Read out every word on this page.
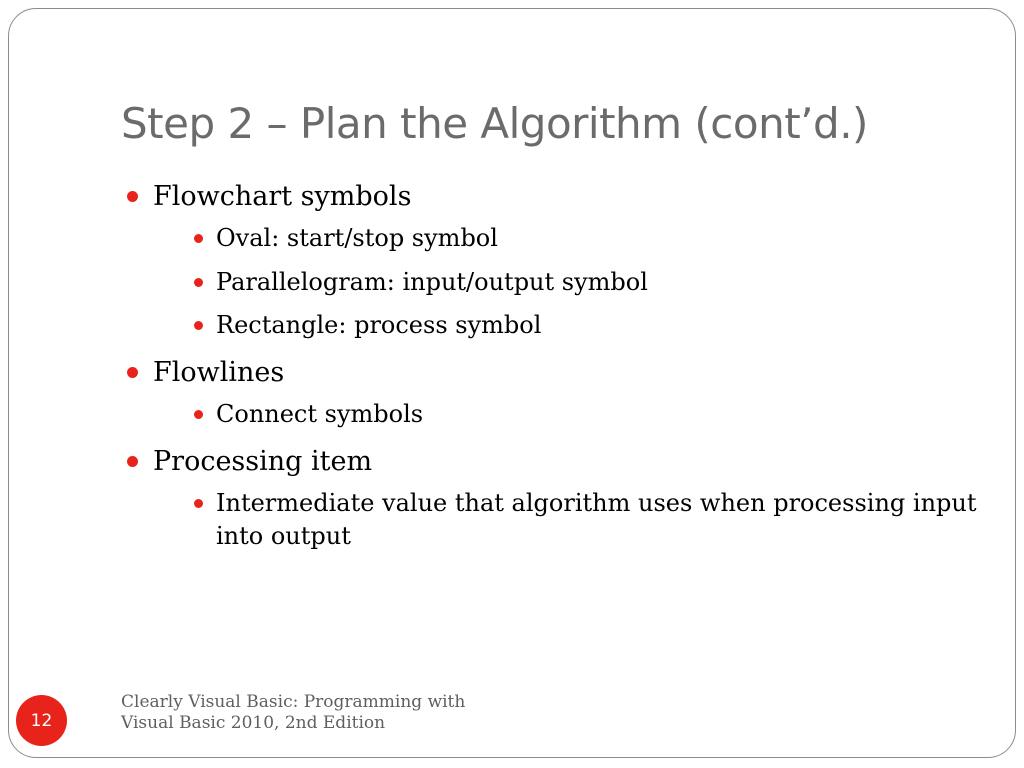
Step 2 – Plan the Algorithm (cont’d.)
Flowchart symbols
Oval: start/stop symbol
Parallelogram: input/output symbol
Rectangle: process symbol
Flowlines
Connect symbols
Processing item
Intermediate value that algorithm uses when processing input into output
Clearly Visual Basic: Programming with Visual Basic 2010, 2nd Edition
12
